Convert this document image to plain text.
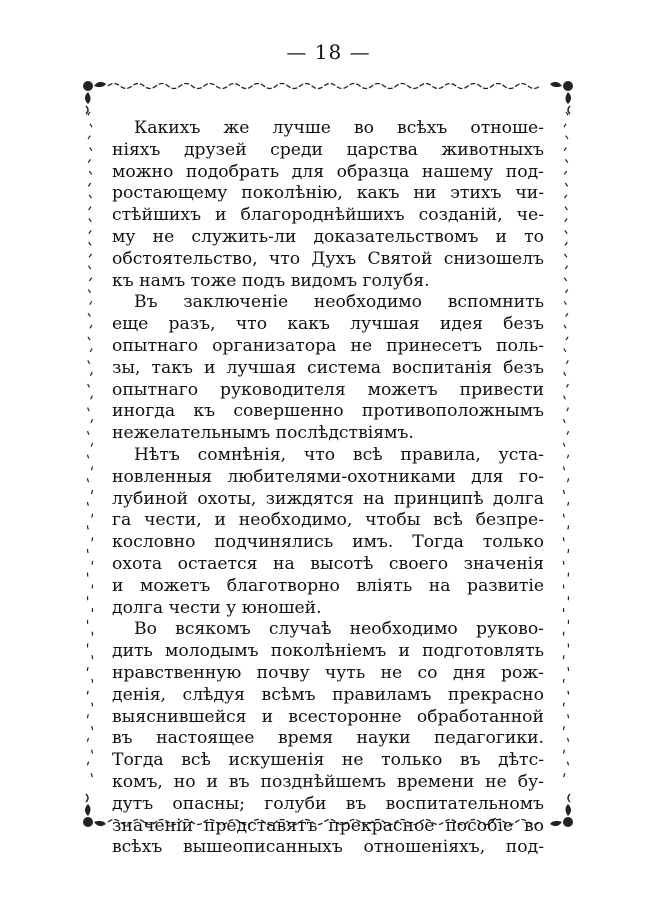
— 18 —
Какихъ же лучше во всѣхъ отноше-
ніяхъ друзей среди царства животныхъ
можно подобрать для образца нашему под-
ростающему поколѣнію, какъ ни этихъ чи-
стѣйшихъ и благороднѣйшихъ созданій, че-
му не служить-ли доказательствомъ и то
обстоятельство, что Духъ Святой снизошелъ
къ намъ тоже подъ видомъ голубя.
Въ заключеніе необходимо вспомнить
еще разъ, что какъ лучшая идея безъ
опытнаго организатора не принесетъ поль-
зы, такъ и лучшая система воспитанія безъ
опытнаго руководителя можетъ привести
иногда къ совершенно противоположнымъ
нежелательнымъ послѣдствіямъ.
Нѣтъ сомнѣнія, что всѣ правила, уста-
новленныя любителями-охотниками для го-
лубиной охоты, зиждятся на принципѣ долга
га чести, и необходимо, чтобы всѣ безпре-
кословно подчинялись имъ. Тогда только
охота остается на высотѣ своего значенія
и можетъ благотворно влiять на развитіе
долга чести у юношей.
Во всякомъ случаѣ необходимо руково-
дить молодымъ поколѣніемъ и подготовлять
нравственную почву чуть не со дня рож-
денія, слѣдуя всѣмъ правиламъ прекрасно
выяснившейся и всесторонне обработанной
въ настоящее время науки педагогики.
Тогда всѣ искушенія не только въ дѣтс-
комъ, но и въ позднѣйшемъ времени не бу-
дутъ опасны; голуби въ воспитательномъ
значеніи представятъ прекрасное пособіе во
всѣхъ вышеописанныхъ отношеніяхъ, под-
